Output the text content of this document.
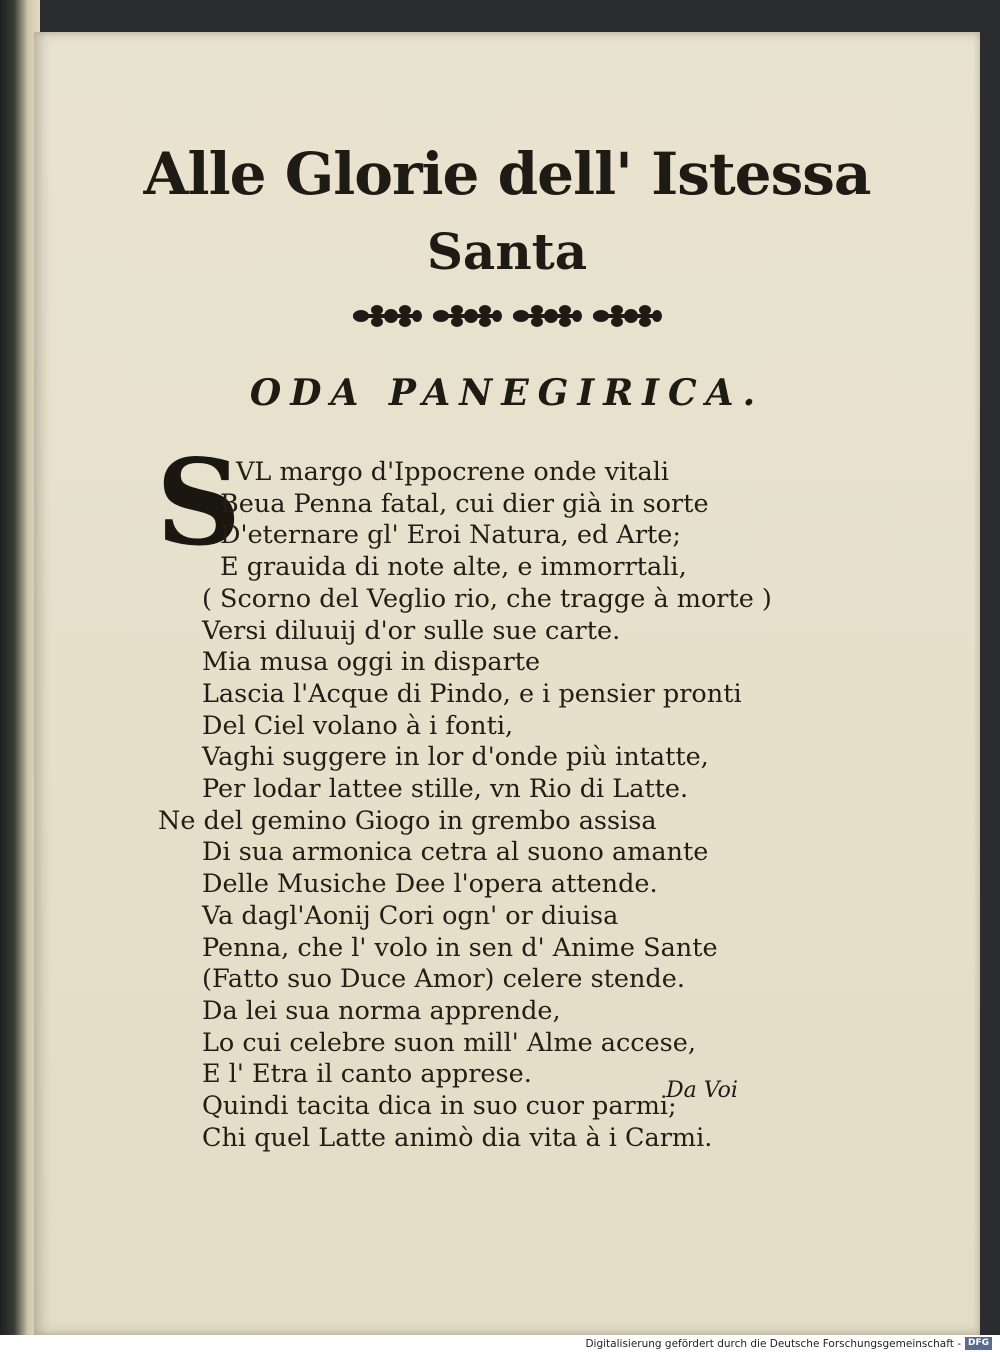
Alle Glorie dell' Istessa
Santa
ODA PANEGIRICA.
S
VL margo d'Ippocrene onde vitali
Beua Penna fatal, cui dier già in sorte
D'eternare gl' Eroi Natura, ed Arte;
E grauida di note alte, e immorrtali,
( Scorno del Veglio rio, che tragge à morte )
Versi diluuij d'or sulle sue carte.
Mia musa oggi in disparte
Lascia l'Acque di Pindo, e i pensier pronti
Del Ciel volano à i fonti,
Vaghi suggere in lor d'onde più intatte,
Per lodar lattee stille, vn Rio di Latte.
Ne del gemino Giogo in grembo assisa
Di sua armonica cetra al suono amante
Delle Musiche Dee l'opera attende.
Va dagl'Aonij Cori ogn' or diuisa
Penna, che l' volo in sen d' Anime Sante
(Fatto suo Duce Amor) celere stende.
Da lei sua norma apprende,
Lo cui celebre suon mill' Alme accese,
E l' Etra il canto apprese.
Quindi tacita dica in suo cuor parmi;
Chi quel Latte animò dia vita à i Carmi.
Da Voi
Digitalisierung gefördert durch die Deutsche Forschungsgemeinschaft - DFG
